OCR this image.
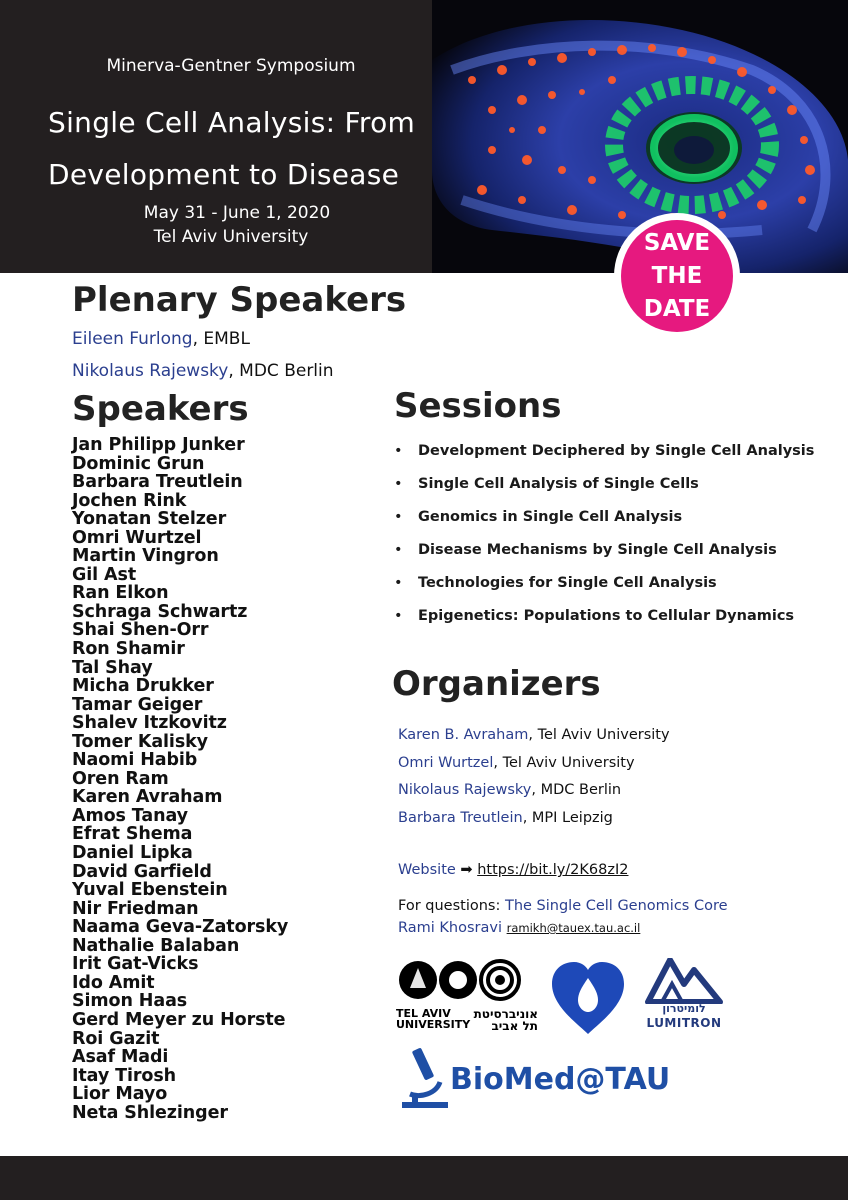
Minerva-Gentner Symposium
Single Cell Analysis: From
Development to Disease
May 31 - June 1, 2020
Tel Aviv University	SAVE
THE
DATE
Plenary Speakers
Eileen Furlong, EMBL
Nikolaus Rajewsky, MDC Berlin
Speakers
Jan Philipp Junker
Dominic Grun
Barbara Treutlein
Jochen Rink
Yonatan Stelzer
Omri Wurtzel
Martin Vingron
Gil Ast
Ran Elkon
Schraga Schwartz
Shai Shen-Orr
Ron Shamir
Tal Shay
Micha Drukker
Tamar Geiger
Shalev Itzkovitz
Tomer Kalisky
Naomi Habib
Oren Ram
Karen Avraham
Amos Tanay
Efrat Shema
Daniel Lipka
David Garfield
Yuval Ebenstein
Nir Friedman
Naama Geva-Zatorsky
Nathalie Balaban
Irit Gat-Vicks
Ido Amit
Simon Haas
Gerd Meyer zu Horste
Roi Gazit
Asaf Madi
Itay Tirosh
Lior Mayo
Neta Shlezinger
Sessions
• Development Deciphered by Single Cell Analysis
• Single Cell Analysis of Single Cells
• Genomics in Single Cell Analysis
• Disease Mechanisms by Single Cell Analysis
• Technologies for Single Cell Analysis
• Epigenetics: Populations to Cellular Dynamics
Organizers
Karen B. Avraham, Tel Aviv University
Omri Wurtzel, Tel Aviv University
Nikolaus Rajewsky, MDC Berlin
Barbara Treutlein, MPI Leipzig
Website ➡ https://bit.ly/2K68zI2
For questions: The Single Cell Genomics Core
Rami Khosravi ramikh@tauex.tau.ac.il
TEL AVIV
UNIVERSITY
אוניברסיטת
תל אביב
לומיטרון
LUMITRON
BioMed@TAU
